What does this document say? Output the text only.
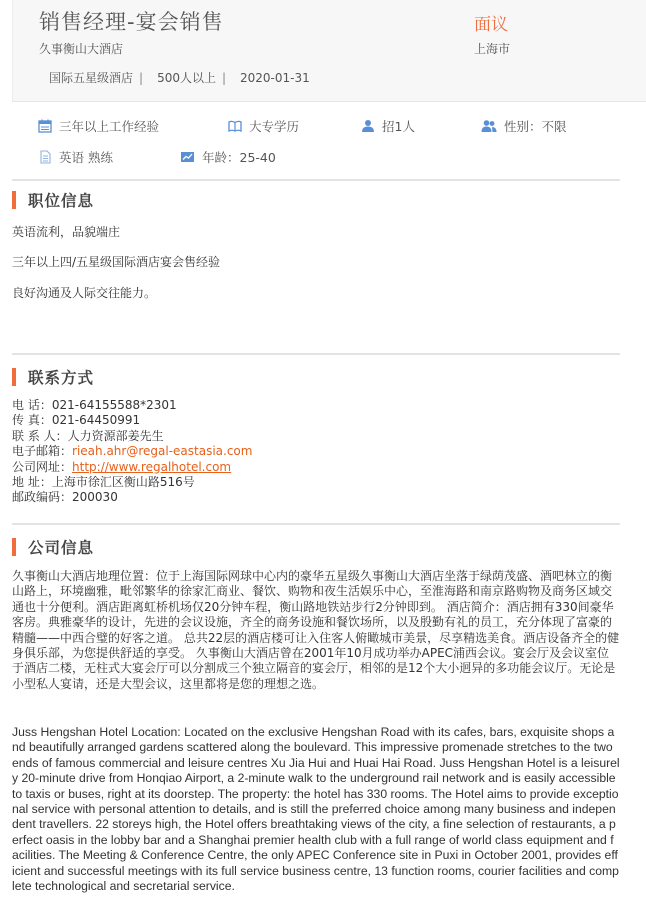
销售经理-宴会销售	面议
久事衡山大酒店	上海市
国际五星级酒店 | 500人以上 | 2020-01-31
三年以上工作经验	大专学历	招1人	性别：不限
英语 熟练	年龄：25-40
职位信息
英语流利，品貌端庄
三年以上四/五星级国际酒店宴会售经验
良好沟通及人际交往能力。
联系方式
电 话：021-64155588*2301
传 真：021-64450991
联 系 人：人力资源部姜先生
电子邮箱：rieah.ahr@regal-eastasia.com
公司网址：http://www.regalhotel.com
地 址：上海市徐汇区衡山路516号
邮政编码：200030
公司信息
久事衡山大酒店地理位置：位于上海国际网球中心内的豪华五星级久事衡山大酒店坐落于绿荫茂盛、酒吧林立的衡山路上，环境幽雅，毗邻繁华的徐家汇商业、餐饮、购物和夜生活娱乐中心，至淮海路和南京路购物及商务区域交通也十分便利。酒店距离虹桥机场仅20分钟车程，衡山路地铁站步行2分钟即到。 酒店简介：酒店拥有330间豪华客房。典雅豪华的设计，先进的会议设施，齐全的商务设施和餐饮场所，以及殷勤有礼的员工，充分体现了富豪的精髓——中西合璧的好客之道。 总共22层的酒店楼可让入住客人俯瞰城市美景，尽享精选美食。酒店设备齐全的健身俱乐部，为您提供舒适的享受。 久事衡山大酒店曾在2001年10月成功举办APEC浦西会议。宴会厅及会议室位于酒店二楼，无柱式大宴会厅可以分割成三个独立隔音的宴会厅，相邻的是12个大小迥异的多功能会议厅。无论是小型私人宴请，还是大型会议，这里都将是您的理想之选。
Juss Hengshan Hotel Location: Located on the exclusive Hengshan Road with its cafes, bars, exquisite shops and beautifully arranged gardens scattered along the boulevard. This impressive promenade stretches to the two ends of famous commercial and leisure centres Xu Jia Hui and Huai Hai Road. Juss Hengshan Hotel is a leisurely 20-minute drive from Honqiao Airport, a 2-minute walk to the underground rail network and is easily accessible to taxis or buses, right at its doorstep. The property: the hotel has 330 rooms. The Hotel aims to provide exceptional service with personal attention to details, and is still the preferred choice among many business and independent travellers. 22 storeys high, the Hotel offers breathtaking views of the city, a fine selection of restaurants, a perfect oasis in the lobby bar and a Shanghai premier health club with a full range of world class equipment and facilities. The Meeting & Conference Centre, the only APEC Conference site in Puxi in October 2001, provides efficient and successful meetings with its full service business centre, 13 function rooms, courier facilities and complete technological and secretarial service.
